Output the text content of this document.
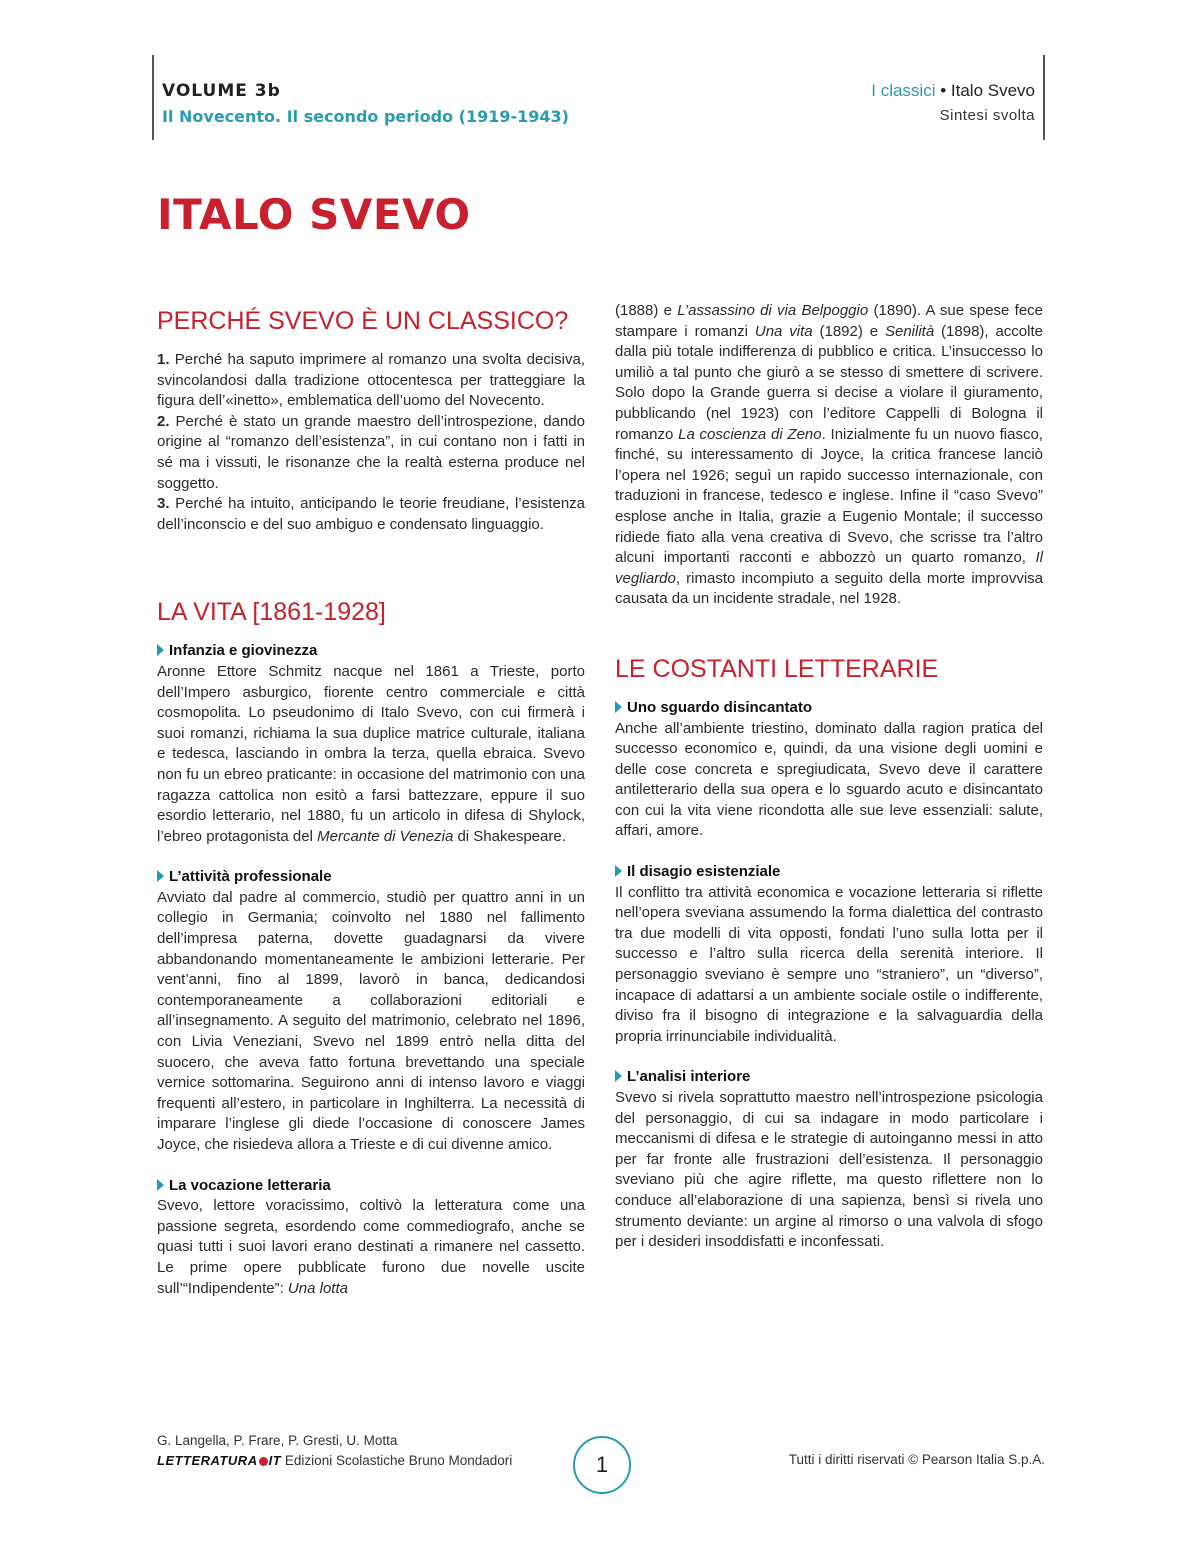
VOLUME 3b
Il Novecento. Il secondo periodo (1919-1943)
I classici • Italo Svevo
Sintesi svolta
ITALO SVEVO
PERCHÉ SVEVO È UN CLASSICO?

1. Perché ha saputo imprimere al romanzo una svolta decisiva, svincolandosi dalla tradizione ottocentesca per tratteggiare la figura dell’«inetto», emblematica dell’uomo del Novecento.

2. Perché è stato un grande maestro dell’introspezione, dando origine al “romanzo dell’esistenza”, in cui contano non i fatti in sé ma i vissuti, le risonanze che la realtà esterna produce nel soggetto.

3. Perché ha intuito, anticipando le teorie freudiane, l’esistenza dell’inconscio e del suo ambiguo e condensato linguaggio.

LA VITA [1861-1928]
Infanzia e giovinezza

Aronne Ettore Schmitz nacque nel 1861 a Trieste, porto dell’Impero asburgico, fiorente centro commerciale e città cosmopolita. Lo pseudonimo di Italo Svevo, con cui firmerà i suoi romanzi, richiama la sua duplice matrice culturale, italiana e tedesca, lasciando in ombra la terza, quella ebraica. Svevo non fu un ebreo praticante: in occasione del matrimonio con una ragazza cattolica non esitò a farsi battezzare, eppure il suo esordio letterario, nel 1880, fu un articolo in difesa di Shylock, l’ebreo protagonista del Mercante di Venezia di Shakespeare.

L’attività professionale

Avviato dal padre al commercio, studiò per quattro anni in un collegio in Germania; coinvolto nel 1880 nel fallimento dell’impresa paterna, dovette guadagnarsi da vivere abbandonando momentaneamente le ambizioni letterarie. Per vent’anni, fino al 1899, lavorò in banca, dedicandosi contemporaneamente a collaborazioni editoriali e all’insegnamento. A seguito del matrimonio, celebrato nel 1896, con Livia Veneziani, Svevo nel 1899 entrò nella ditta del suocero, che aveva fatto fortuna brevettando una speciale vernice sottomarina. Seguirono anni di intenso lavoro e viaggi frequenti all’estero, in particolare in Inghilterra. La necessità di imparare l’inglese gli diede l’occasione di conoscere James Joyce, che risiedeva allora a Trieste e di cui divenne amico.

La vocazione letteraria

Svevo, lettore voracissimo, coltivò la letteratura come una passione segreta, esordendo come commediografo, anche se quasi tutti i suoi lavori erano destinati a rimanere nel cassetto. Le prime opere pubblicate furono due novelle uscite sull’“Indipendente”: Una lotta

(1888) e L’assassino di via Belpoggio (1890). A sue spese fece stampare i romanzi Una vita (1892) e Senilità (1898), accolte dalla più totale indifferenza di pubblico e critica. L’insuccesso lo umiliò a tal punto che giurò a se stesso di smettere di scrivere. Solo dopo la Grande guerra si decise a violare il giuramento, pubblicando (nel 1923) con l’editore Cappelli di Bologna il romanzo La coscienza di Zeno. Inizialmente fu un nuovo fiasco, finché, su interessamento di Joyce, la critica francese lanciò l’opera nel 1926; seguì un rapido successo internazionale, con traduzioni in francese, tedesco e inglese. Infine il “caso Svevo” esplose anche in Italia, grazie a Eugenio Montale; il successo ridiede fiato alla vena creativa di Svevo, che scrisse tra l’altro alcuni importanti racconti e abbozzò un quarto romanzo, Il vegliardo, rimasto incompiuto a seguito della morte improvvisa causata da un incidente stradale, nel 1928.

LE COSTANTI LETTERARIE
Uno sguardo disincantato

Anche all’ambiente triestino, dominato dalla ragion pratica del successo economico e, quindi, da una visione degli uomini e delle cose concreta e spregiudicata, Svevo deve il carattere antiletterario della sua opera e lo sguardo acuto e disincantato con cui la vita viene ricondotta alle sue leve essenziali: salute, affari, amore.

Il disagio esistenziale

Il conflitto tra attività economica e vocazione letteraria si riflette nell’opera sveviana assumendo la forma dialettica del contrasto tra due modelli di vita opposti, fondati l’uno sulla lotta per il successo e l’altro sulla ricerca della serenità interiore. Il personaggio sveviano è sempre uno “straniero”, un “diverso”, incapace di adattarsi a un ambiente sociale ostile o indifferente, diviso fra il bisogno di integrazione e la salvaguardia della propria irrinunciabile individualità.

L’analisi interiore

Svevo si rivela soprattutto maestro nell’introspezione psicologia del personaggio, di cui sa indagare in modo particolare i meccanismi di difesa e le strategie di autoinganno messi in atto per far fronte alle frustrazioni dell’esistenza. Il personaggio sveviano più che agire riflette, ma questo riflettere non lo conduce all’elaborazione di una sapienza, bensì si rivela uno strumento deviante: un argine al rimorso o una valvola di sfogo per i desideri insoddisfatti e inconfessati.

G. Langella, P. Frare, P. Gresti, U. Motta
LETTERATURA IT Edizioni Scolastiche Bruno Mondadori	1	Tutti i diritti riservati © Pearson Italia S.p.A.
